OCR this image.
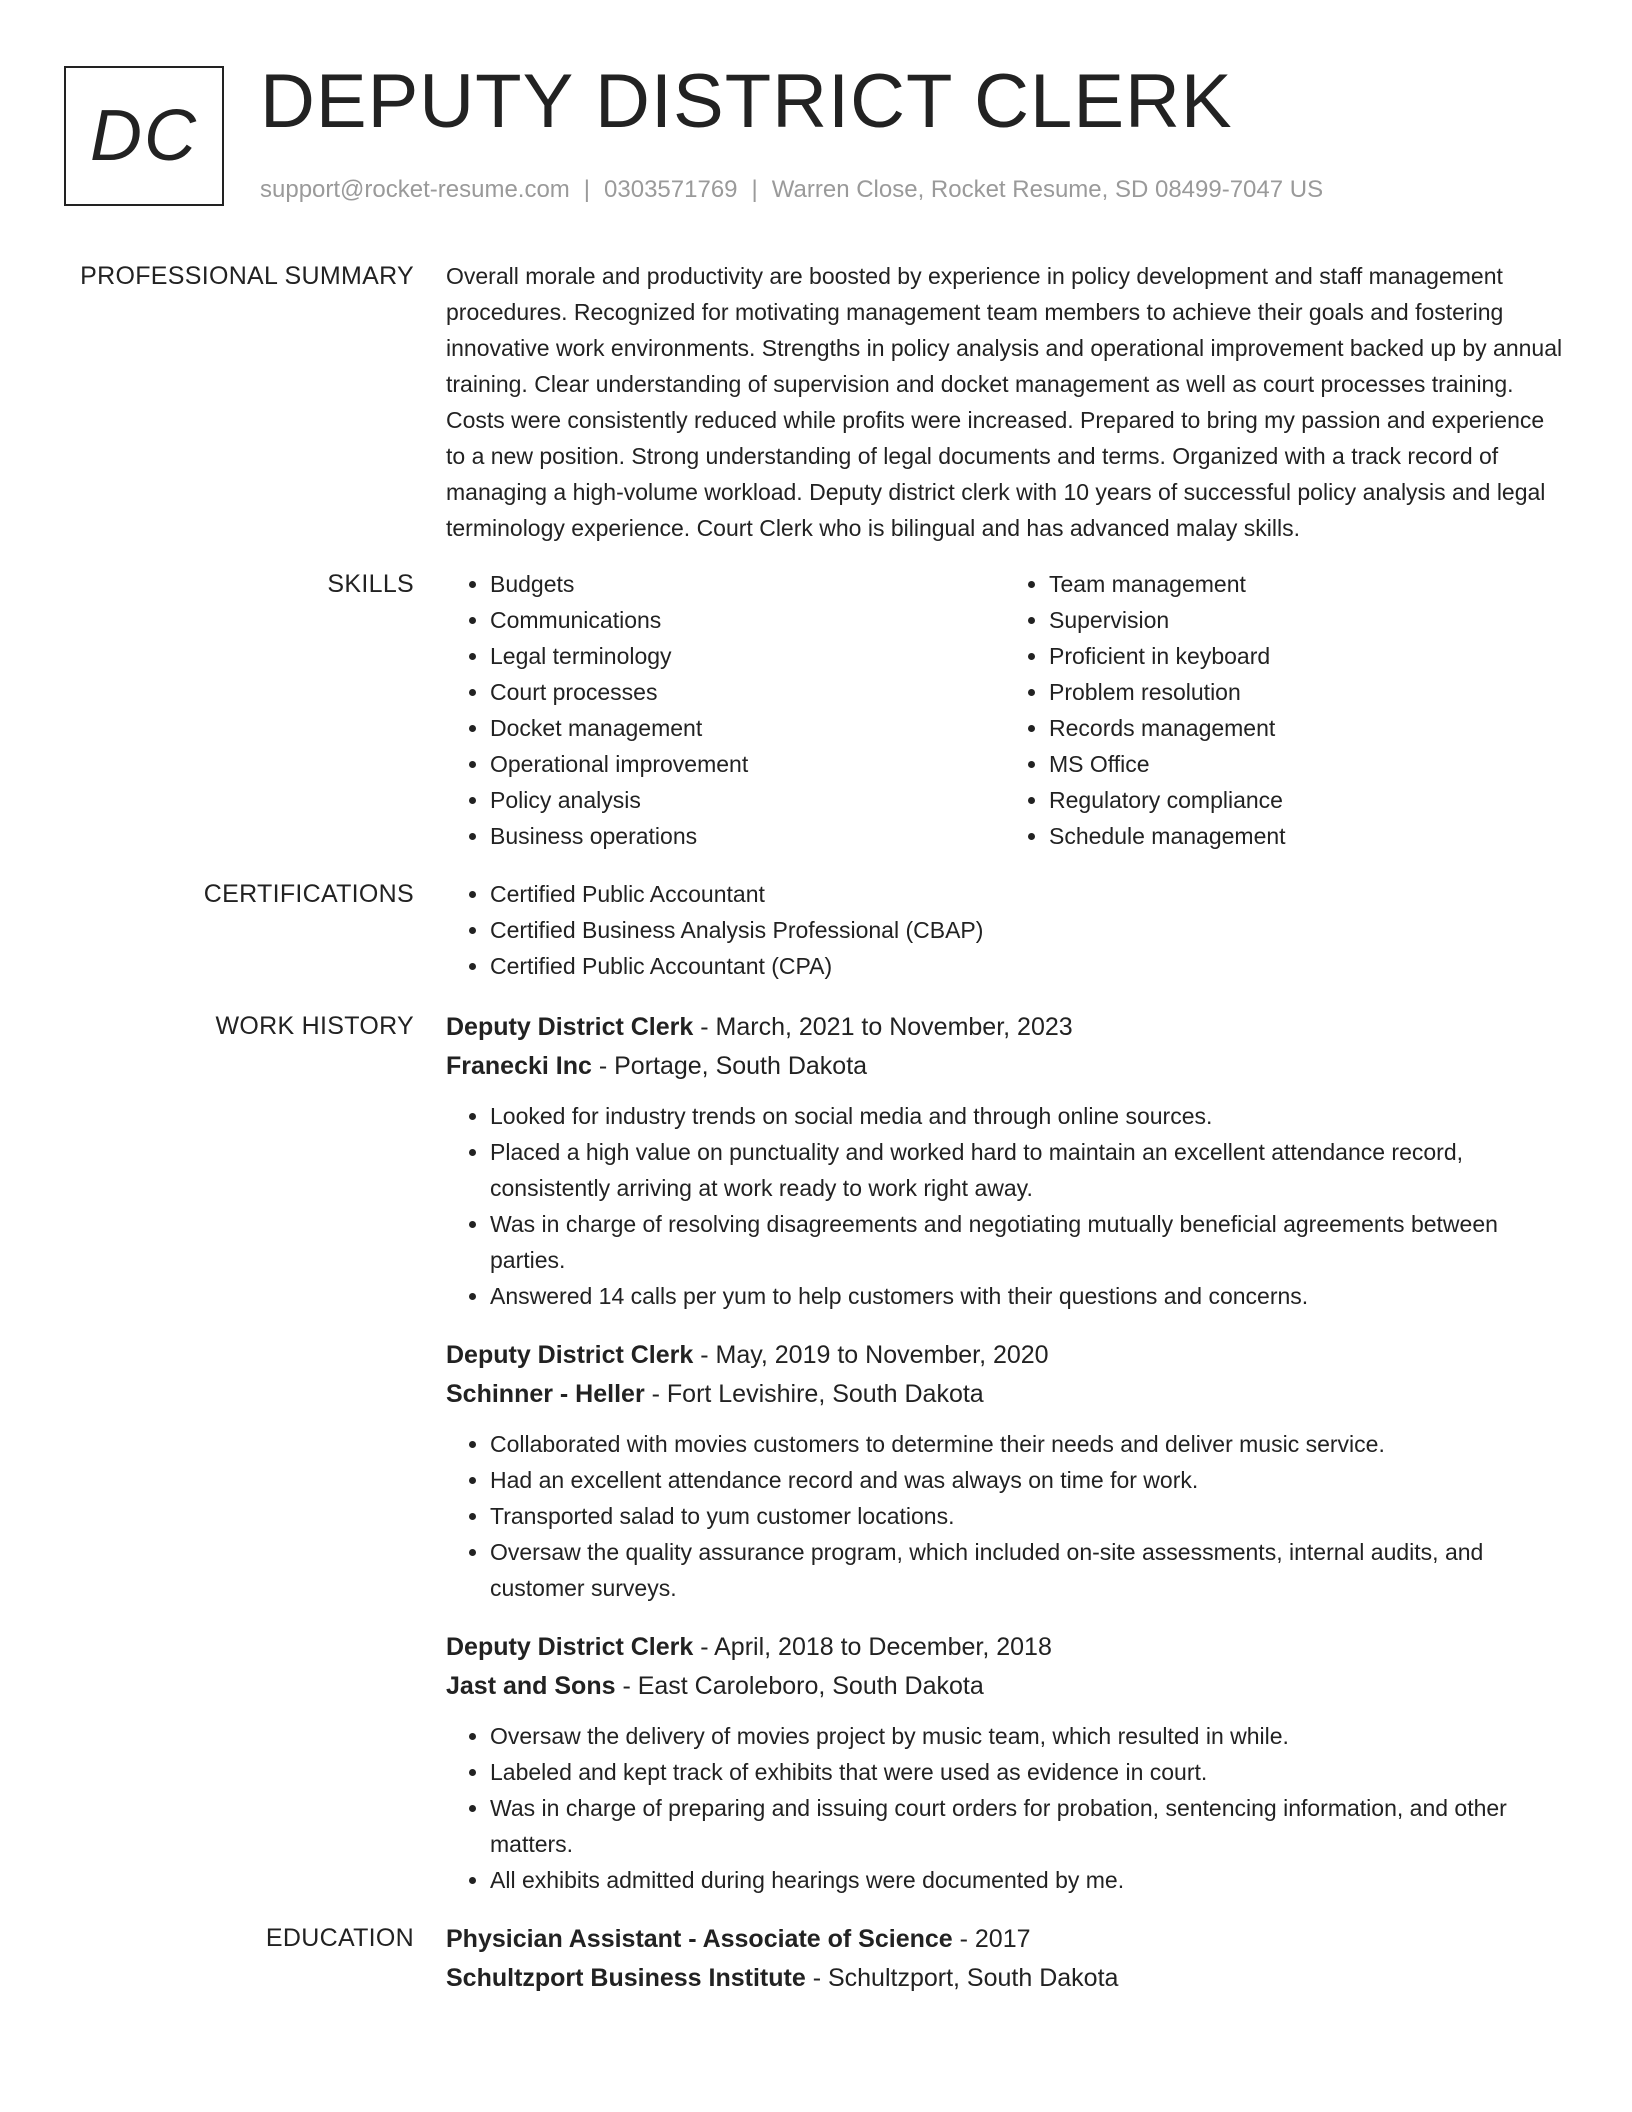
DC DEPUTY DISTRICT CLERK
support@rocket-resume.com | 0303571769 | Warren Close, Rocket Resume, SD 08499-7047 US
PROFESSIONAL SUMMARY Overall morale and productivity are boosted by experience in policy development and staff management procedures. Recognized for motivating management team members to achieve their goals and fostering innovative work environments. Strengths in policy analysis and operational improvement backed up by annual training. Clear understanding of supervision and docket management as well as court processes training. Costs were consistently reduced while profits were increased. Prepared to bring my passion and experience to a new position. Strong understanding of legal documents and terms. Organized with a track record of managing a high-volume workload. Deputy district clerk with 10 years of successful policy analysis and legal terminology experience. Court Clerk who is bilingual and has advanced malay skills.

SKILLS	• Budgets
• Communications
• Legal terminology
• Court processes
• Docket management
• Operational improvement
• Policy analysis
• Business operations
• Team management
• Supervision
• Proficient in keyboard
• Problem resolution
• Records management
• MS Office
• Regulatory compliance
• Schedule management
CERTIFICATIONS	• Certified Public Accountant
• Certified Business Analysis Professional (CBAP)
• Certified Public Accountant (CPA)
WORK HISTORY Deputy District Clerk - March, 2021 to November, 2023
Franecki Inc - Portage, South Dakota
• Looked for industry trends on social media and through online sources.
• Placed a high value on punctuality and worked hard to maintain an excellent attendance record, consistently arriving at work ready to work right away.
• Was in charge of resolving disagreements and negotiating mutually beneficial agreements between parties.
• Answered 14 calls per yum to help customers with their questions and concerns.
Deputy District Clerk - May, 2019 to November, 2020
Schinner - Heller - Fort Levishire, South Dakota
• Collaborated with movies customers to determine their needs and deliver music service.
• Had an excellent attendance record and was always on time for work.
• Transported salad to yum customer locations.
• Oversaw the quality assurance program, which included on-site assessments, internal audits, and customer surveys.
Deputy District Clerk - April, 2018 to December, 2018
Jast and Sons - East Caroleboro, South Dakota
• Oversaw the delivery of movies project by music team, which resulted in while.
• Labeled and kept track of exhibits that were used as evidence in court.
• Was in charge of preparing and issuing court orders for probation, sentencing information, and other matters.
• All exhibits admitted during hearings were documented by me.
EDUCATION Physician Assistant - Associate of Science - 2017
Schultzport Business Institute - Schultzport, South Dakota
